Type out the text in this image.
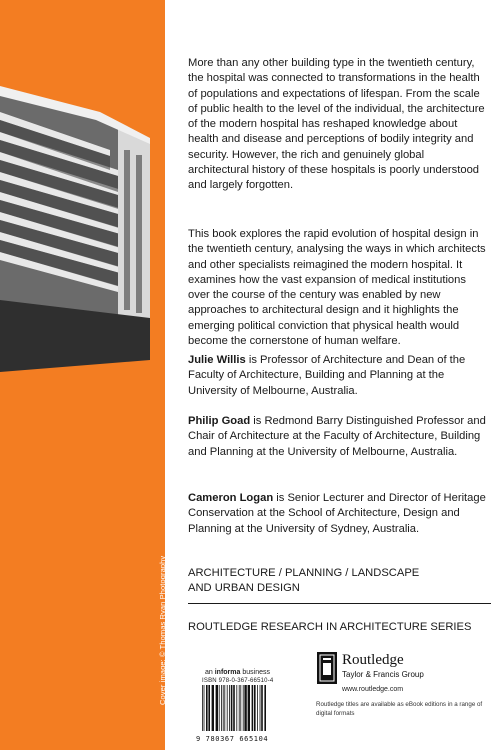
Cover image: © Thomas Ryan Photography

More than any other building type in the twentieth century, the hospital was connected to transformations in the health of populations and expectations of lifespan. From the scale of public health to the level of the individual, the architecture of the modern hospital has reshaped knowledge about health and disease and perceptions of bodily integrity and security. However, the rich and genuinely global architectural history of these hospitals is poorly understood and largely forgotten.

This book explores the rapid evolution of hospital design in the twentieth century, analysing the ways in which architects and other specialists reimagined the modern hospital. It examines how the vast expansion of medical institutions over the course of the century was enabled by new approaches to architectural design and it highlights the emerging political conviction that physical health would become the cornerstone of human welfare.

Julie Willis is Professor of Architecture and Dean of the Faculty of Architecture, Building and Planning at the University of Melbourne, Australia.

Philip Goad is Redmond Barry Distinguished Professor and Chair of Architecture at the Faculty of Architecture, Building and Planning at the University of Melbourne, Australia.

Cameron Logan is Senior Lecturer and Director of Heritage Conservation at the School of Architecture, Design and Planning at the University of Sydney, Australia.

ARCHITECTURE / PLANNING / LANDSCAPE AND URBAN DESIGN

ROUTLEDGE RESEARCH IN ARCHITECTURE SERIES

an informa business
ISBN 978-0-367-66510-4
9 780367 665104
Routledge
Taylor & Francis Group
www.routledge.com
Routledge titles are available as eBook editions in a range of digital formats
